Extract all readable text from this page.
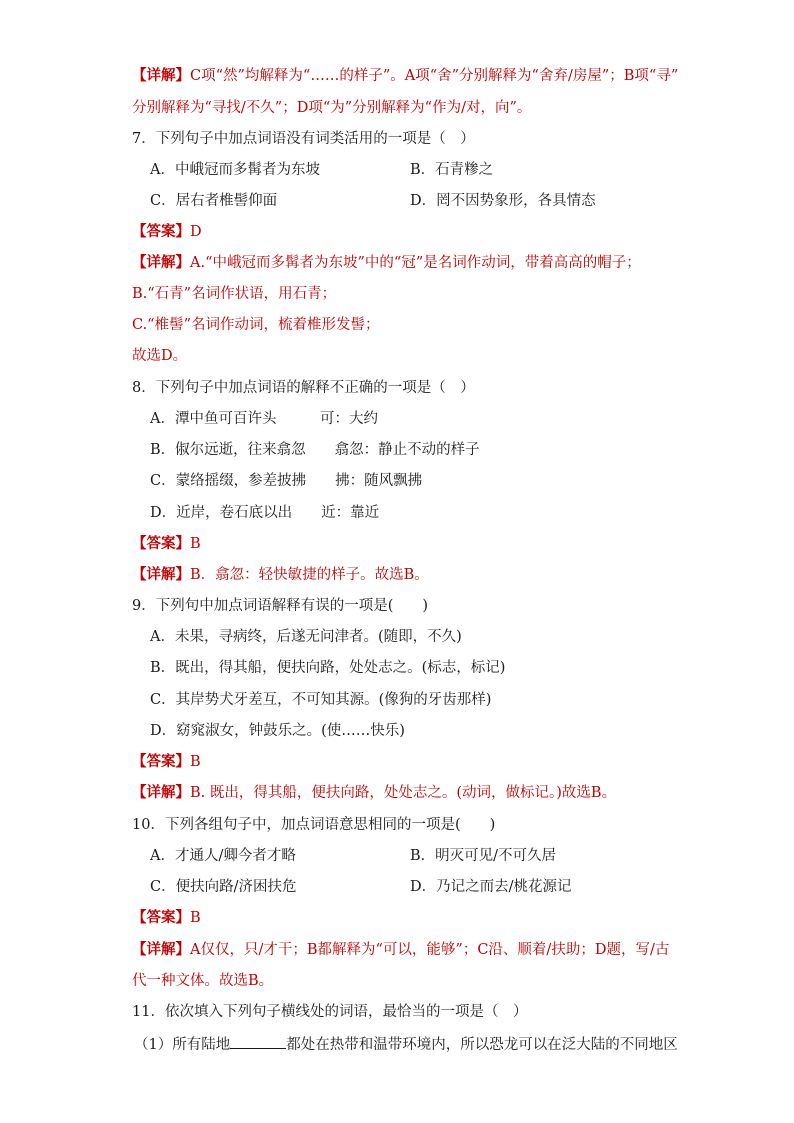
【详解】C项“然”均解释为“……的样子”。A项“舍”分别解释为“舍弃/房屋”；B项“寻”
分别解释为“寻找/不久”；D项“为”分别解释为“作为/对，向”。
7．下列句子中加点词语没有词类活用的一项是（　）
A．中峨冠而多髯者为东坡	B．石青糁之
C．居右者椎髻仰面	D．罔不因势象形，各具情态
【答案】D
【详解】A.“中峨冠而多髯者为东坡”中的“冠”是名词作动词，带着高高的帽子；
B.“石青”名词作状语，用石青；
C.“椎髻”名词作动词，梳着椎形发髻；
故选D。
8．下列句子中加点词语的解释不正确的一项是（　）
A．潭中鱼可百许头　　　可：大约
B．俶尔远逝，往来翕忽　　翕忽：静止不动的样子
C．蒙络摇缀，参差披拂　　拂：随风飘拂
D．近岸，卷石底以出　　近：靠近
【答案】B
【详解】B．翕忽：轻快敏捷的样子。故选B。
9．下列句中加点词语解释有误的一项是(　　)
A．未果，寻病终，后遂无问津者。(随即，不久)
B．既出，得其船，便扶向路，处处志之。(标志，标记)
C．其岸势犬牙差互，不可知其源。(像狗的牙齿那样)
D．窈窕淑女，钟鼓乐之。(使……快乐)
【答案】B
【详解】B. 既出，得其船，便扶向路，处处志之。(动词，做标记。)故选B。
10．下列各组句子中，加点词语意思相同的一项是(　　)
A．才通人/卿今者才略	B．明灭可见/不可久居
C．便扶向路/济困扶危	D．乃记之而去/桃花源记
【答案】B
【详解】A仅仅，只/才干；B都解释为“可以，能够”；C沿、顺着/扶助；D题，写/古
代一种文体。故选B。
11．依次填入下列句子横线处的词语，最恰当的一项是（　）
（1）所有陆地	都处在热带和温带环境内，所以恐龙可以在泛大陆的不同地区
